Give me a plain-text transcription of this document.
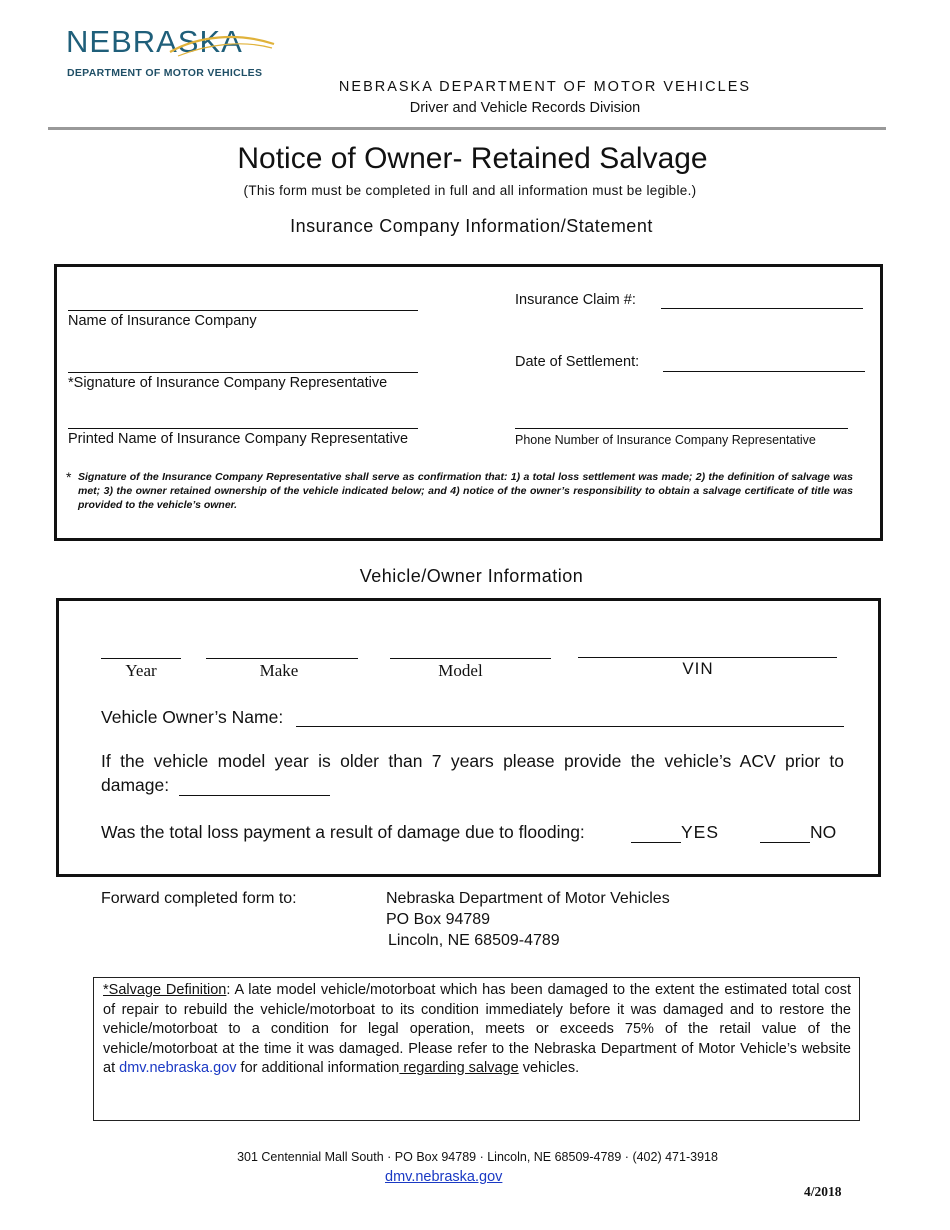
NEBRASKA
DEPARTMENT OF MOTOR VEHICLES
NEBRASKA DEPARTMENT OF MOTOR VEHICLES
Driver and Vehicle Records Division
Notice of Owner- Retained Salvage
(This form must be completed in full and all information must be legible.)
Insurance Company Information/Statement
Name of Insurance Company
Insurance Claim #:
*Signature of Insurance Company Representative
Date of Settlement:
Printed Name of Insurance Company Representative	Phone Number of Insurance Company Representative
* Signature of the Insurance Company Representative shall serve as confirmation that: 1) a total loss settlement was made; 2) the definition of salvage was met; 3) the owner retained ownership of the vehicle indicated below; and 4) notice of the owner’s responsibility to obtain a salvage certificate of title was provided to the vehicle’s owner.
Vehicle/Owner Information
Year	Make	Model	VIN
Vehicle Owner’s Name:
If the vehicle model year is older than 7 years please provide the vehicle’s ACV prior to
damage:
Was the total loss payment a result of damage due to flooding:	YES	NO
Forward completed form to:	Nebraska Department of Motor Vehicles
PO Box 94789
Lincoln, NE 68509-4789
*Salvage Definition: A late model vehicle/motorboat which has been damaged to the extent the estimated total cost of repair to rebuild the vehicle/motorboat to its condition immediately before it was damaged and to restore the vehicle/motorboat to a condition for legal operation, meets or exceeds 75% of the retail value of the vehicle/motorboat at the time it was damaged. Please refer to the Nebraska Department of Motor Vehicle’s website at dmv.nebraska.gov for additional information regarding salvage vehicles.
301 Centennial Mall South · PO Box 94789 · Lincoln, NE 68509-4789 · (402) 471-3918
dmv.nebraska.gov
4/2018
